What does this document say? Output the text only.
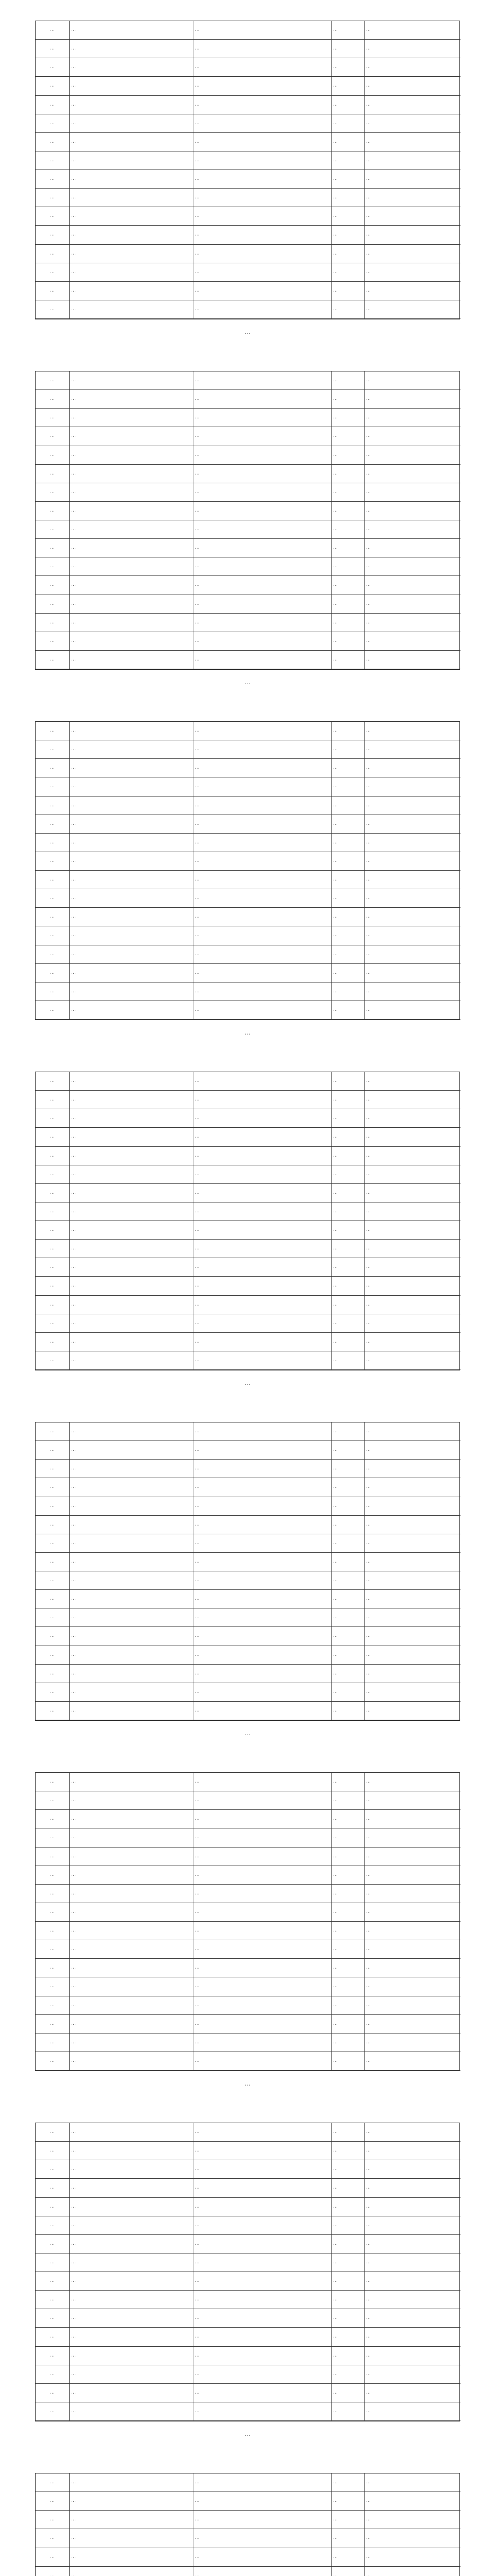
…	…	…	…	…
…	…	…	…	…
…	…	…	…	…
…	…	…	…	…
…	…	…	…	…
…	…	…	…	…
…	…	…	…	…
…	…	…	…	…
…	…	…	…	…
…	…	…	…	…
…	…	…	…	…
…	…	…	…	…
…	…	…	…	…
…	…	…	…	…
…	…	…	…	…
…	…	…	…	…
…
…	…	…	…	…
…	…	…	…	…
…	…	…	…	…
…	…	…	…	…
…	…	…	…	…
…	…	…	…	…
…	…	…	…	…
…	…	…	…	…
…	…	…	…	…
…	…	…	…	…
…	…	…	…	…
…	…	…	…	…
…	…	…	…	…
…	…	…	…	…
…	…	…	…	…
…	…	…	…	…
…
…	…	…	…	…
…	…	…	…	…
…	…	…	…	…
…	…	…	…	…
…	…	…	…	…
…	…	…	…	…
…	…	…	…	…
…	…	…	…	…
…	…	…	…	…
…	…	…	…	…
…	…	…	…	…
…	…	…	…	…
…	…	…	…	…
…	…	…	…	…
…	…	…	…	…
…	…	…	…	…
…
…	…	…	…	…
…	…	…	…	…
…	…	…	…	…
…	…	…	…	…
…	…	…	…	…
…	…	…	…	…
…	…	…	…	…
…	…	…	…	…
…	…	…	…	…
…	…	…	…	…
…	…	…	…	…
…	…	…	…	…
…	…	…	…	…
…	…	…	…	…
…	…	…	…	…
…	…	…	…	…
…
…	…	…	…	…
…	…	…	…	…
…	…	…	…	…
…	…	…	…	…
…	…	…	…	…
…	…	…	…	…
…	…	…	…	…
…	…	…	…	…
…	…	…	…	…
…	…	…	…	…
…	…	…	…	…
…	…	…	…	…
…	…	…	…	…
…	…	…	…	…
…	…	…	…	…
…	…	…	…	…
…
…	…	…	…	…
…	…	…	…	…
…	…	…	…	…
…	…	…	…	…
…	…	…	…	…
…	…	…	…	…
…	…	…	…	…
…	…	…	…	…
…	…	…	…	…
…	…	…	…	…
…	…	…	…	…
…	…	…	…	…
…	…	…	…	…
…	…	…	…	…
…	…	…	…	…
…	…	…	…	…
…
…	…	…	…	…
…	…	…	…	…
…	…	…	…	…
…	…	…	…	…
…	…	…	…	…
…	…	…	…	…
…	…	…	…	…
…	…	…	…	…
…	…	…	…	…
…	…	…	…	…
…	…	…	…	…
…	…	…	…	…
…	…	…	…	…
…	…	…	…	…
…	…	…	…	…
…	…	…	…	…
…
…	…	…	…	…
…	…	…	…	…
…	…	…	…	…
…	…	…	…	…
…	…	…	…	…
…	…	…	…	…
